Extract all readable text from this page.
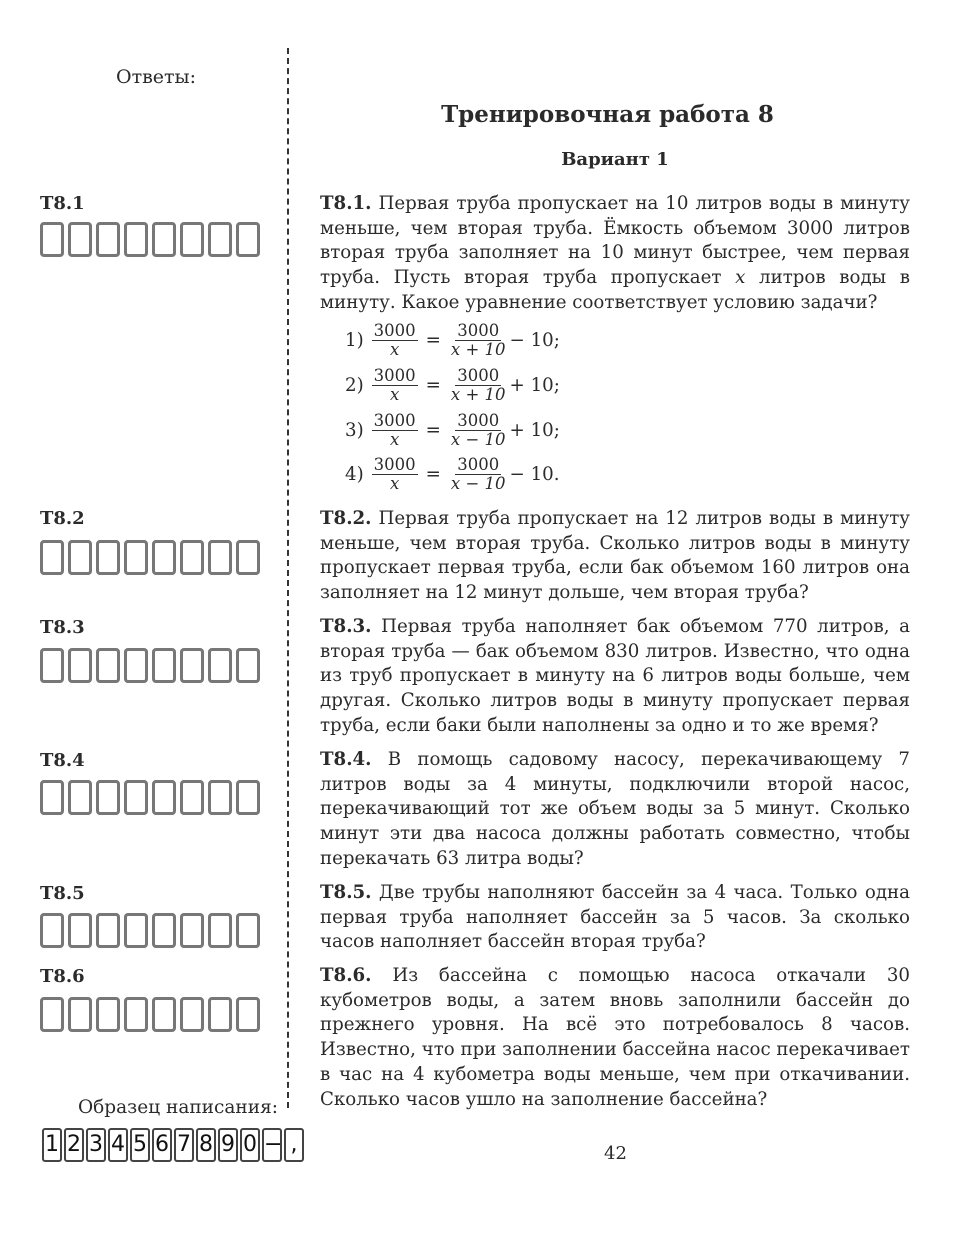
Ответы:
Тренировочная работа 8
Вариант 1
T8.1
T8.2
T8.3
T8.4
T8.5
T8.6
T8.1. Первая труба пропускает на 10 литров воды в минуту меньше, чем вторая труба. Ёмкость объемом 3000 литров вторая труба заполняет на 10 минут быстрее, чем первая труба. Пусть вторая труба пропускает x литров воды в минуту. Какое уравнение соответствует условию задачи?
$1) \frac{3000}{x} = \frac{3000}{x + 10} - 10$;
$2) \frac{3000}{x} = \frac{3000}{x + 10} + 10$;
$3) \frac{3000}{x} = \frac{3000}{x - 10} + 10$;
$4) \frac{3000}{x} = \frac{3000}{x - 10} - 10$.
T8.2. Первая труба пропускает на 12 литров воды в минуту меньше, чем вторая труба. Сколько литров воды в минуту пропускает первая труба, если бак объемом 160 литров она заполняет на 12 минут дольше, чем вторая труба?
T8.3. Первая труба наполняет бак объемом 770 литров, а вторая труба — бак объемом 830 литров. Известно, что одна из труб пропускает в минуту на 6 литров воды больше, чем другая. Сколько литров воды в минуту пропускает первая труба, если баки были наполнены за одно и то же время?
T8.4. В помощь садовому насосу, перекачивающему 7 литров воды за 4 минуты, подключили второй насос, перекачивающий тот же объем воды за 5 минут. Сколько минут эти два насоса должны работать совместно, чтобы перекачать 63 литра воды?
T8.5. Две трубы наполняют бассейн за 4 часа. Только одна первая труба наполняет бассейн за 5 часов. За сколько часов наполняет бассейн вторая труба?
T8.6. Из бассейна с помощью насоса откачали 30 кубометров воды, а затем вновь заполнили бассейн до прежнего уровня. На всё это потребовалось 8 часов. Известно, что при заполнении бассейна насос перекачивает в час на 4 кубометра воды меньше, чем при откачивании. Сколько часов ушло на заполнение бассейна?
Образец написания:
1 2 3 4 5 6 7 8 9 0 − ,	42
